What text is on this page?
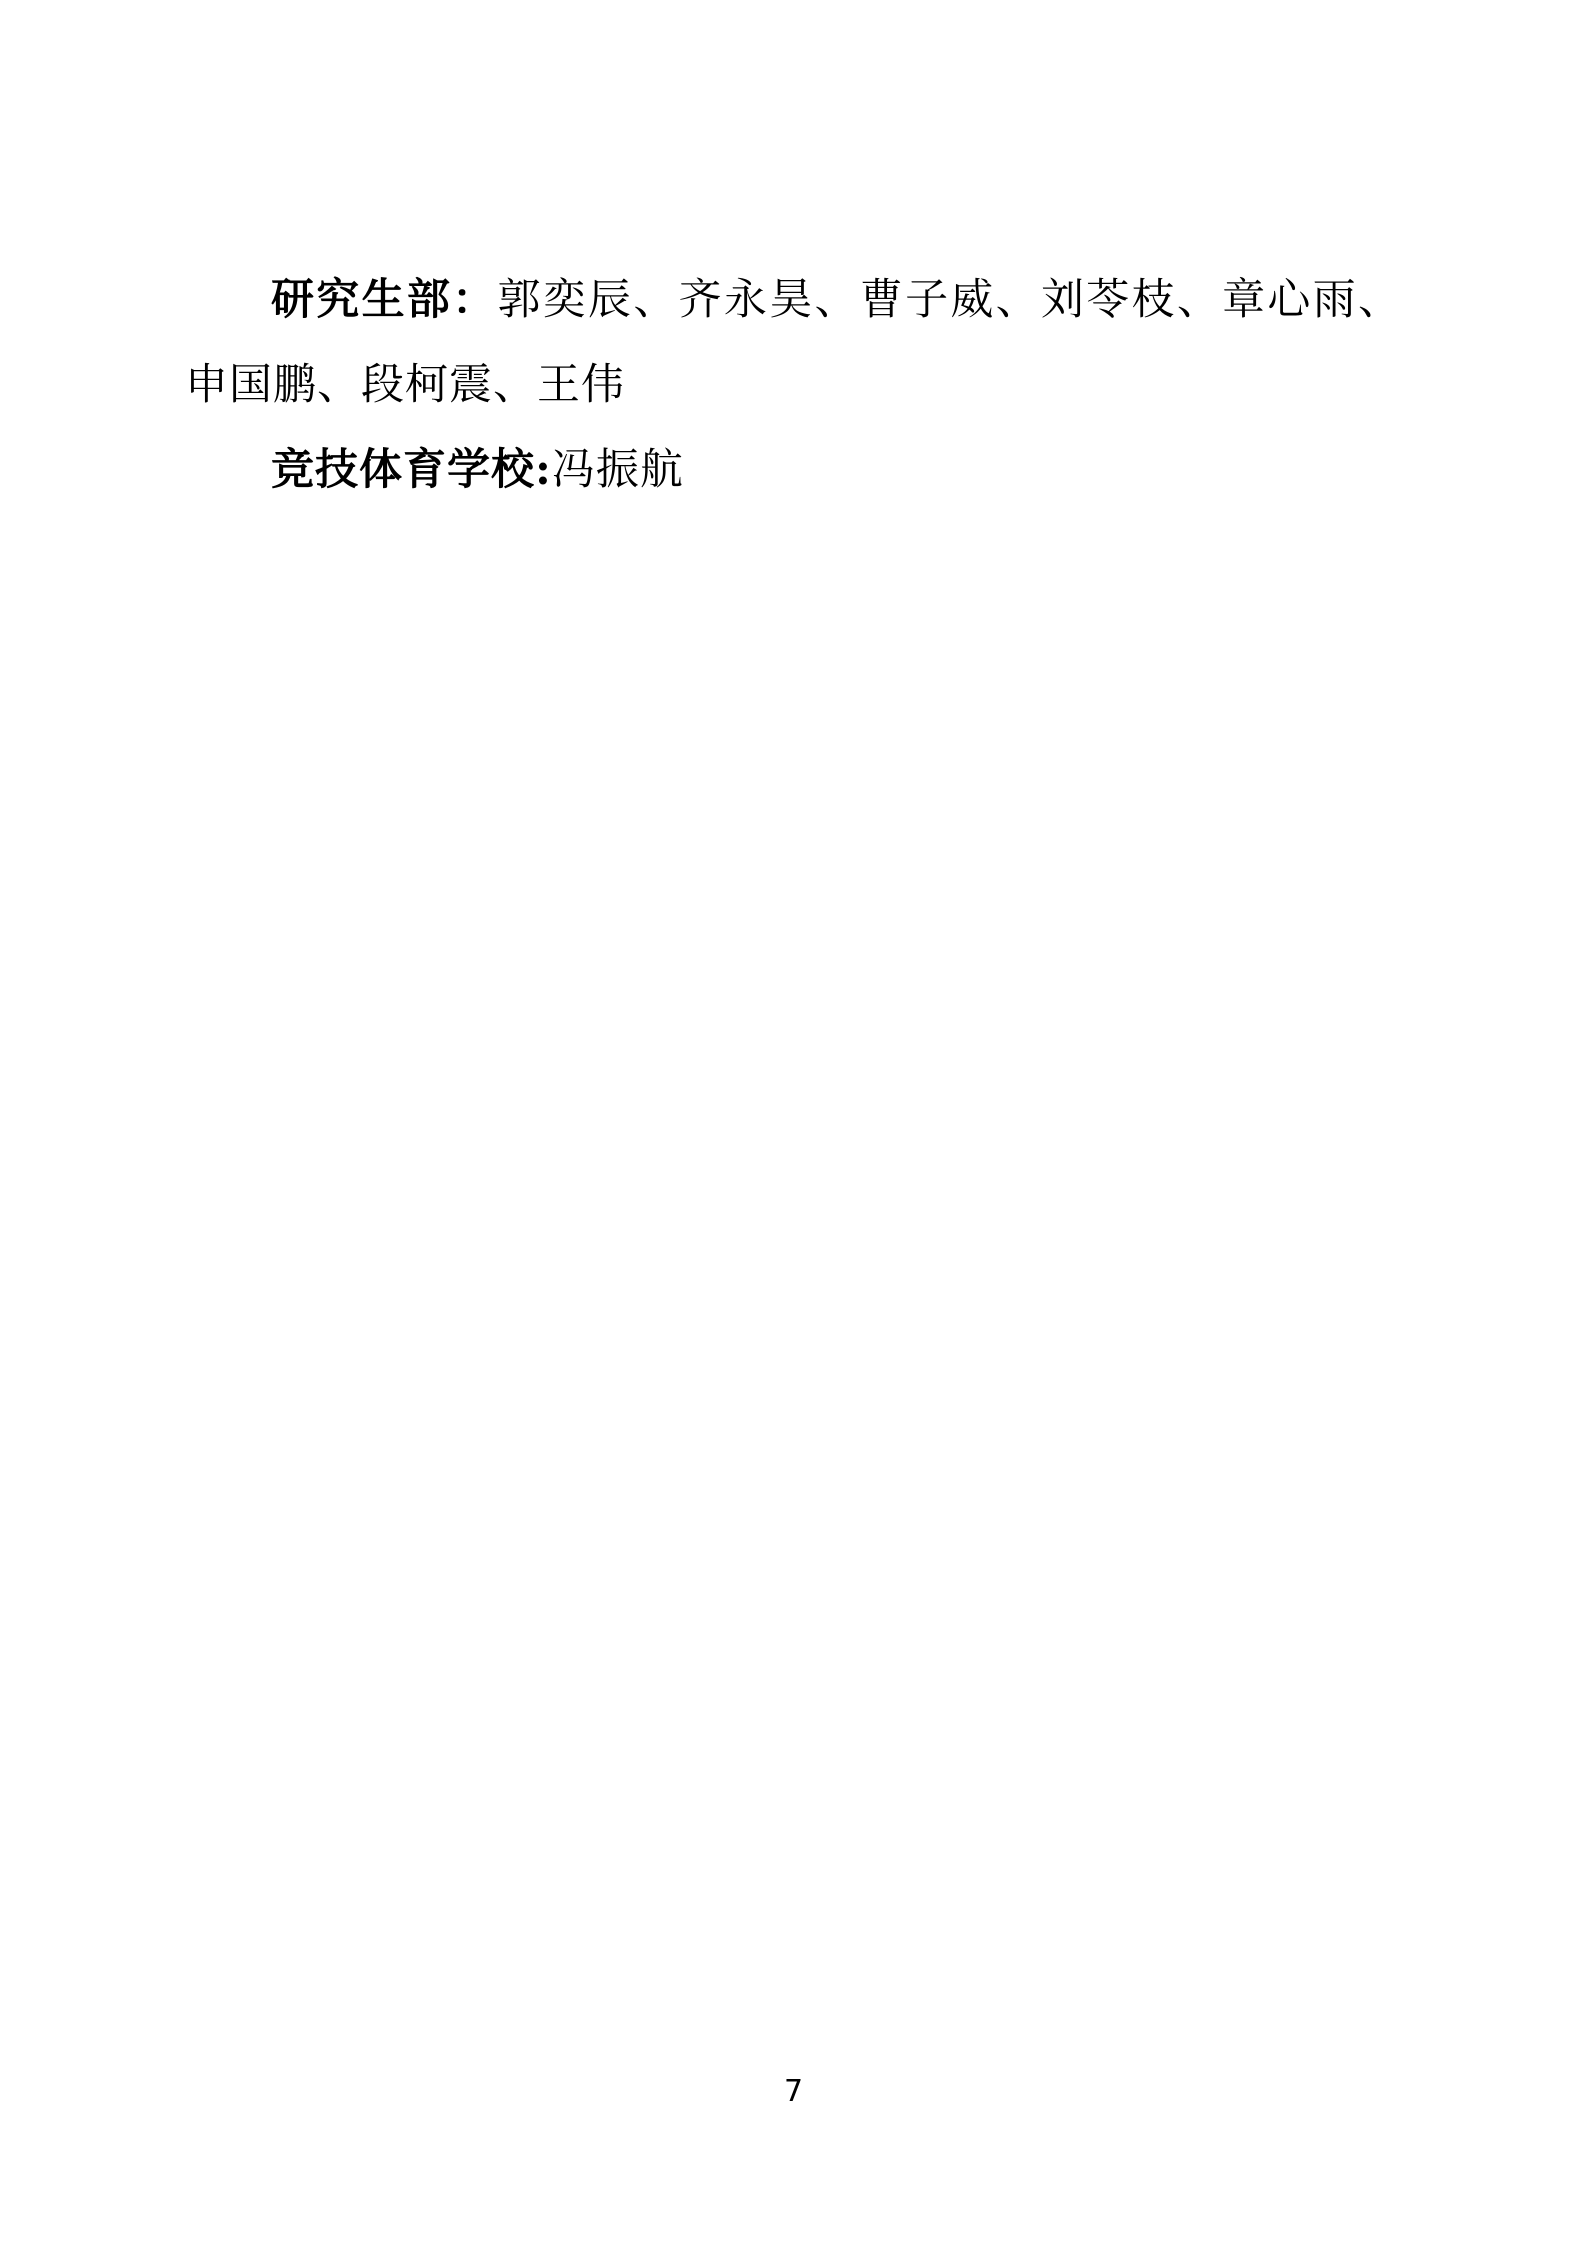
研究生部：郭奕辰、齐永昊、曹子威、刘苓枝、章心雨、申国鹏、段柯震、王伟

竞技体育学校:冯振航

7
